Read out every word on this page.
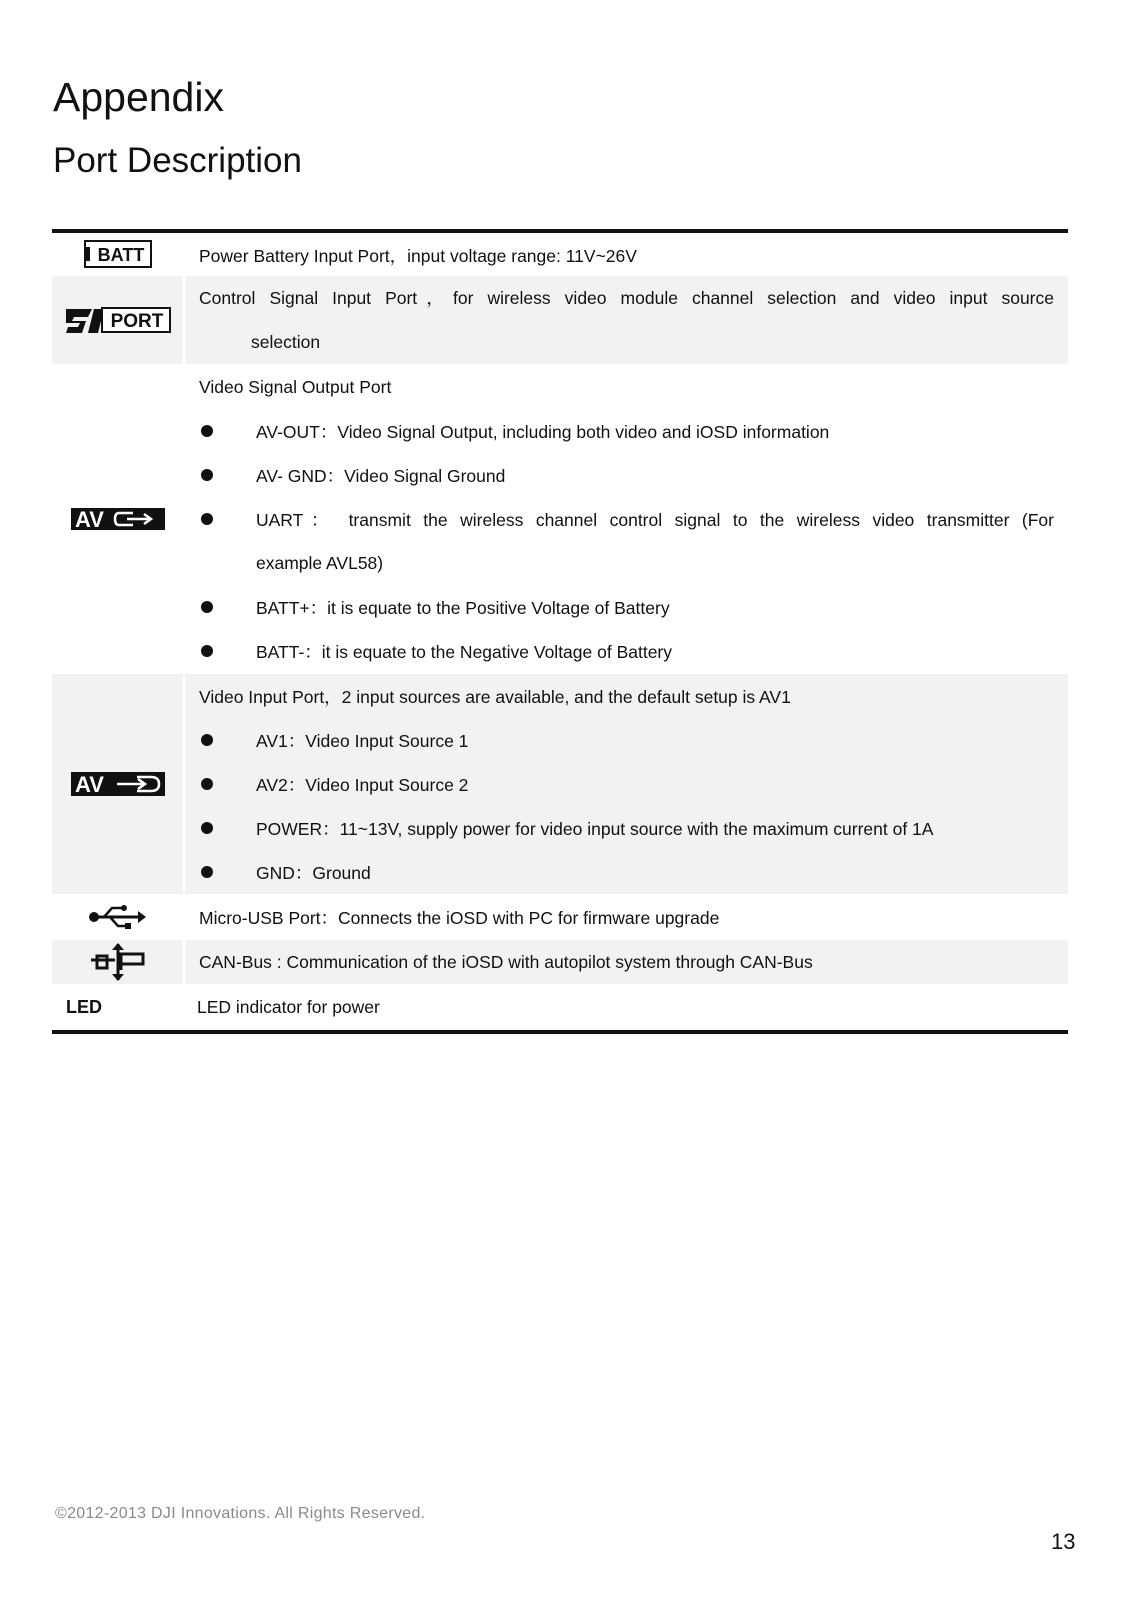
Appendix
Port Description
BATT	Power Battery Input Port，input voltage range: 11V~26V
PORT
Control Signal Input Port，for wireless video module channel selection and video input source
selection
AV
Video Signal Output Port
AV-OUT：Video Signal Output, including both video and iOSD information
AV- GND：Video Signal Ground
UART： transmit the wireless channel control signal to the wireless video transmitter (For
example AVL58)
BATT+：it is equate to the Positive Voltage of Battery
BATT-：it is equate to the Negative Voltage of Battery
AV
Video Input Port，2 input sources are available, and the default setup is AV1
AV1：Video Input Source 1
AV2：Video Input Source 2
POWER：11~13V, supply power for video input source with the maximum current of 1A
GND：Ground
Micro-USB Port：Connects the iOSD with PC for firmware upgrade
CAN-Bus : Communication of the iOSD with autopilot system through CAN-Bus
LED	LED indicator for power
©2012-2013 DJI Innovations. All Rights Reserved.
13
